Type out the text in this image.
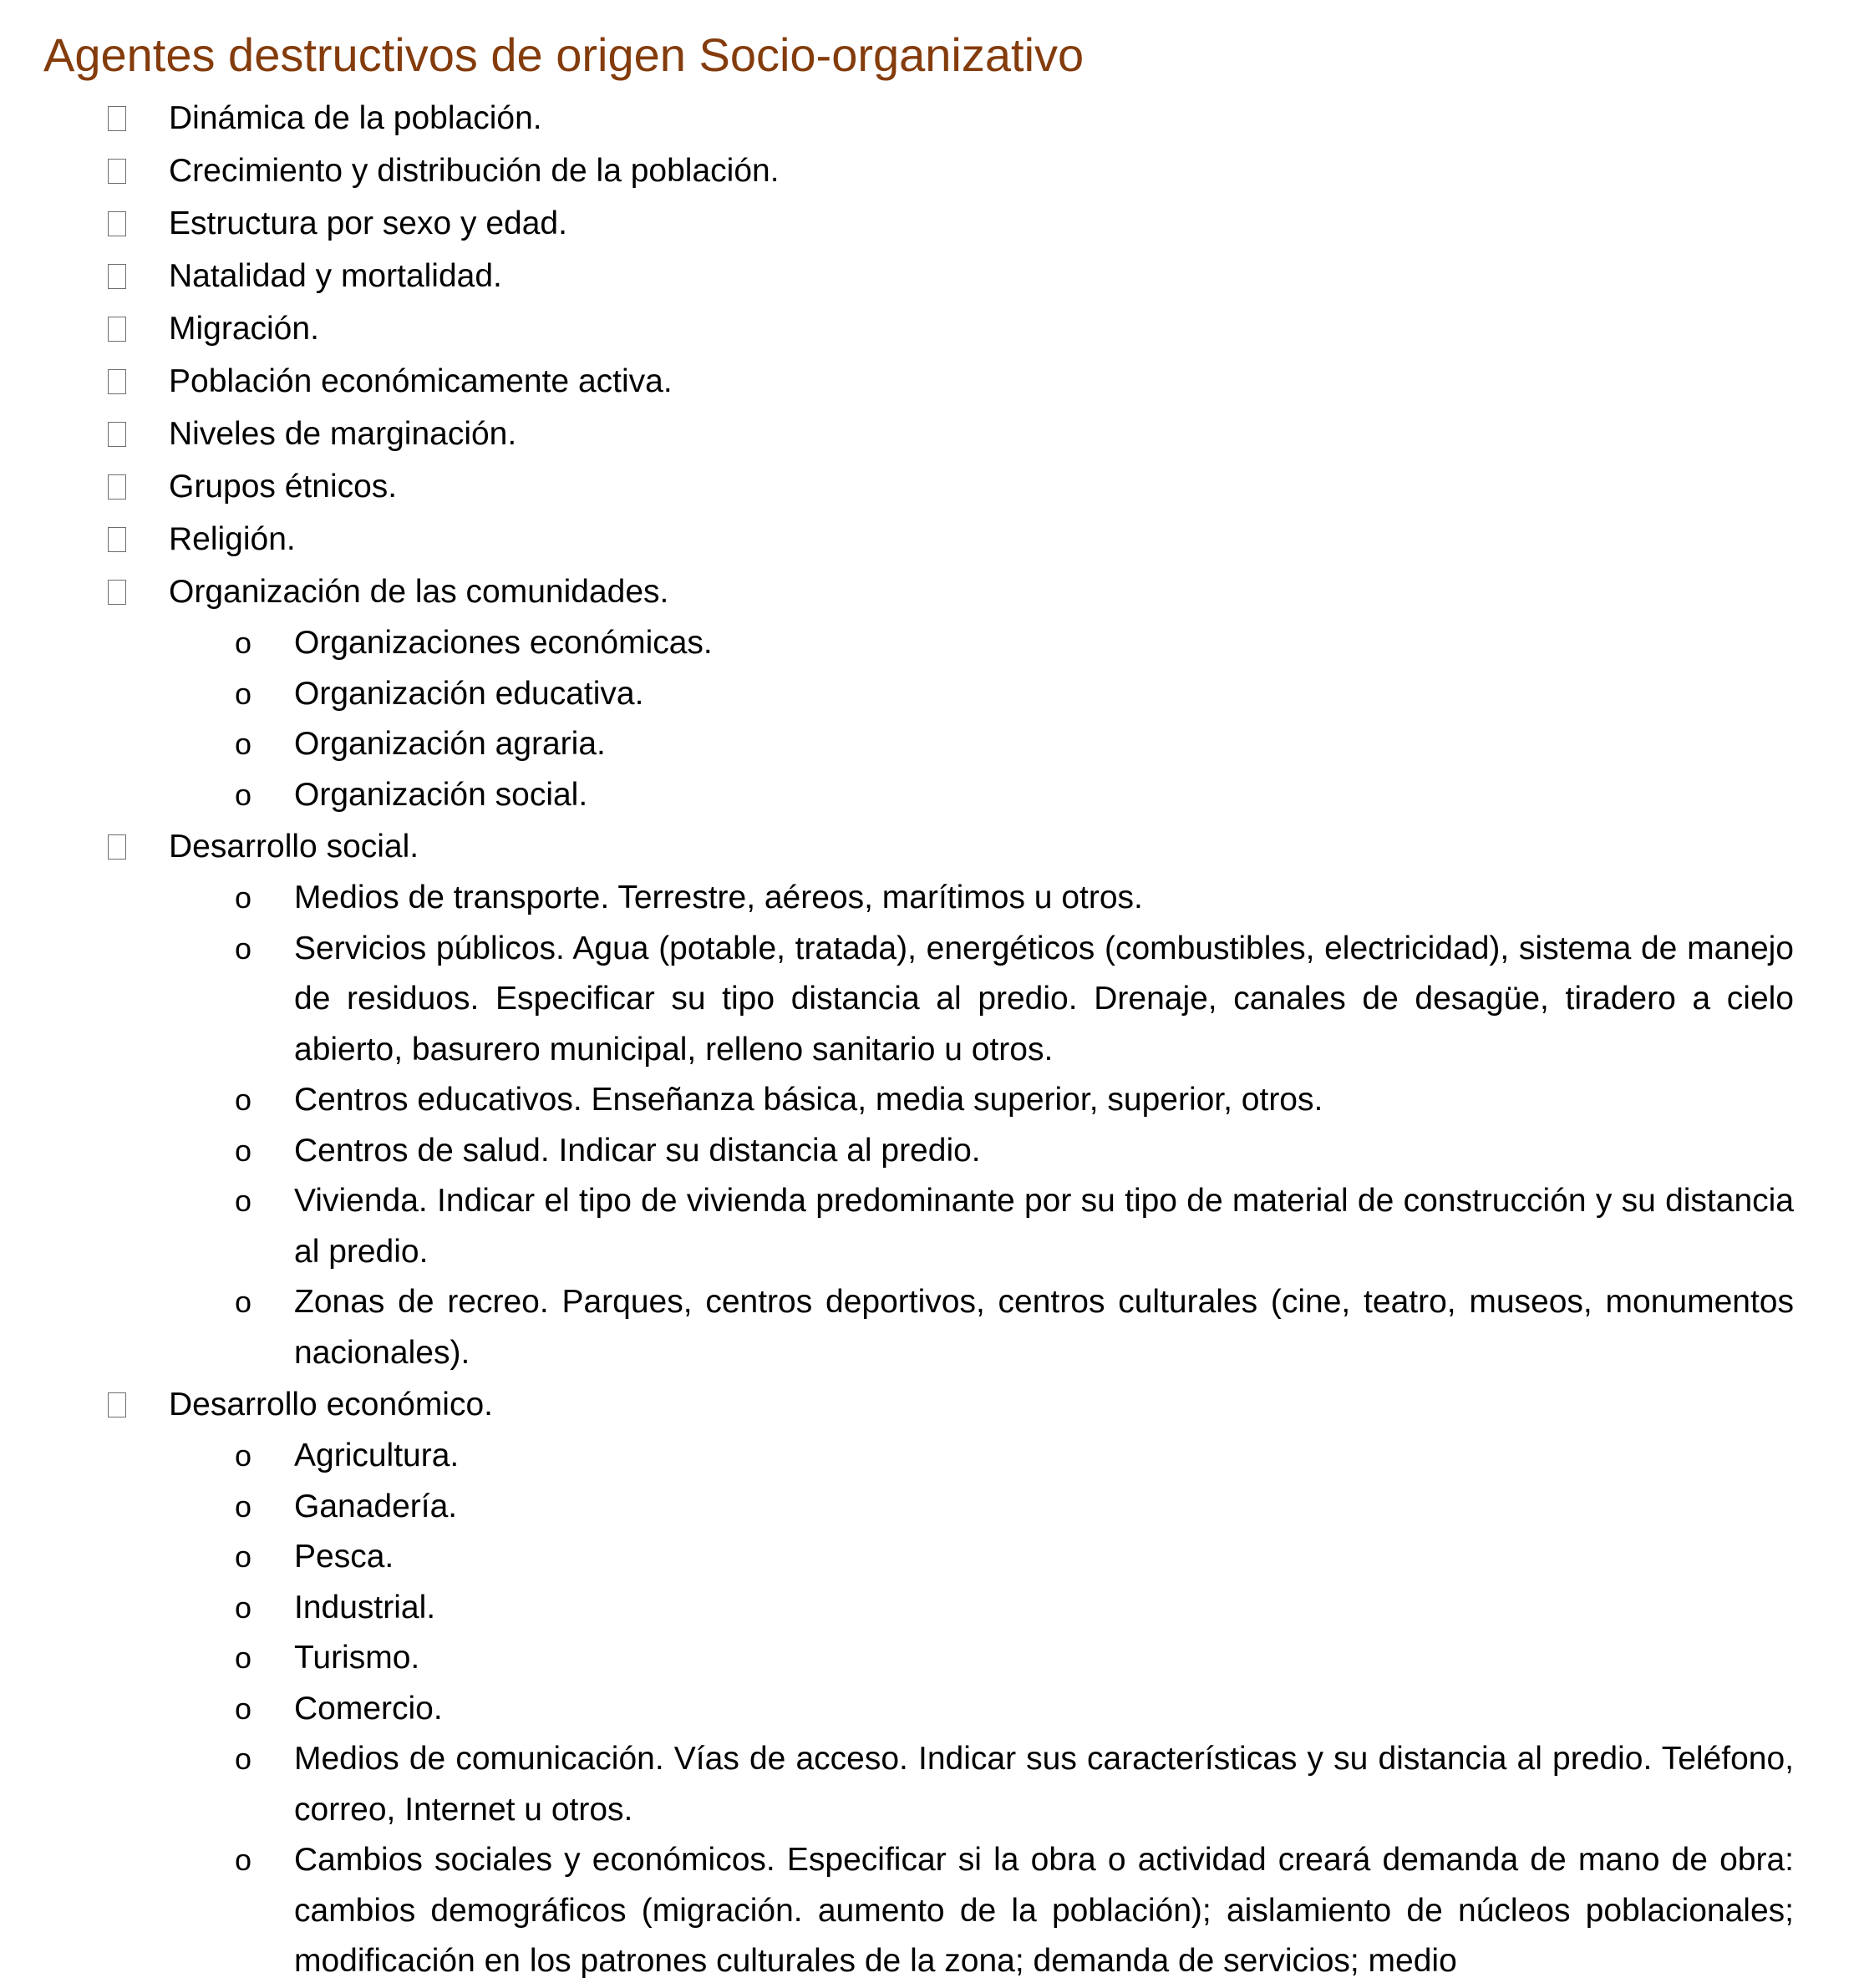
Agentes destructivos de origen Socio-organizativo
Dinámica de la población.
Crecimiento y distribución de la población.
Estructura por sexo y edad.
Natalidad y mortalidad.
Migración.
Población económicamente activa.
Niveles de marginación.
Grupos étnicos.
Religión.
Organización de las comunidades.
o Organizaciones económicas.
o Organización educativa.
o Organización agraria.
o Organización social.
Desarrollo social.
o Medios de transporte. Terrestre, aéreos, marítimos u otros.
o Servicios públicos. Agua (potable, tratada), energéticos (combustibles, electricidad), sistema de manejo de residuos. Especificar su tipo distancia al predio. Drenaje, canales de desagüe, tiradero a cielo abierto, basurero municipal, relleno sanitario u otros.
o Centros educativos. Enseñanza básica, media superior, superior, otros.
o Centros de salud. Indicar su distancia al predio.
o Vivienda. Indicar el tipo de vivienda predominante por su tipo de material de construcción y su distancia al predio.
o Zonas de recreo. Parques, centros deportivos, centros culturales (cine, teatro, museos, monumentos nacionales).
Desarrollo económico.
o Agricultura.
o Ganadería.
o Pesca.
o Industrial.
o Turismo.
o Comercio.
o Medios de comunicación. Vías de acceso. Indicar sus características y su distancia al predio. Teléfono, correo, Internet u otros.
o Cambios sociales y económicos. Especificar si la obra o actividad creará demanda de mano de obra: cambios demográficos (migración. aumento de la población); aislamiento de núcleos poblacionales; modificación en los patrones culturales de la zona; demanda de servicios; medio
